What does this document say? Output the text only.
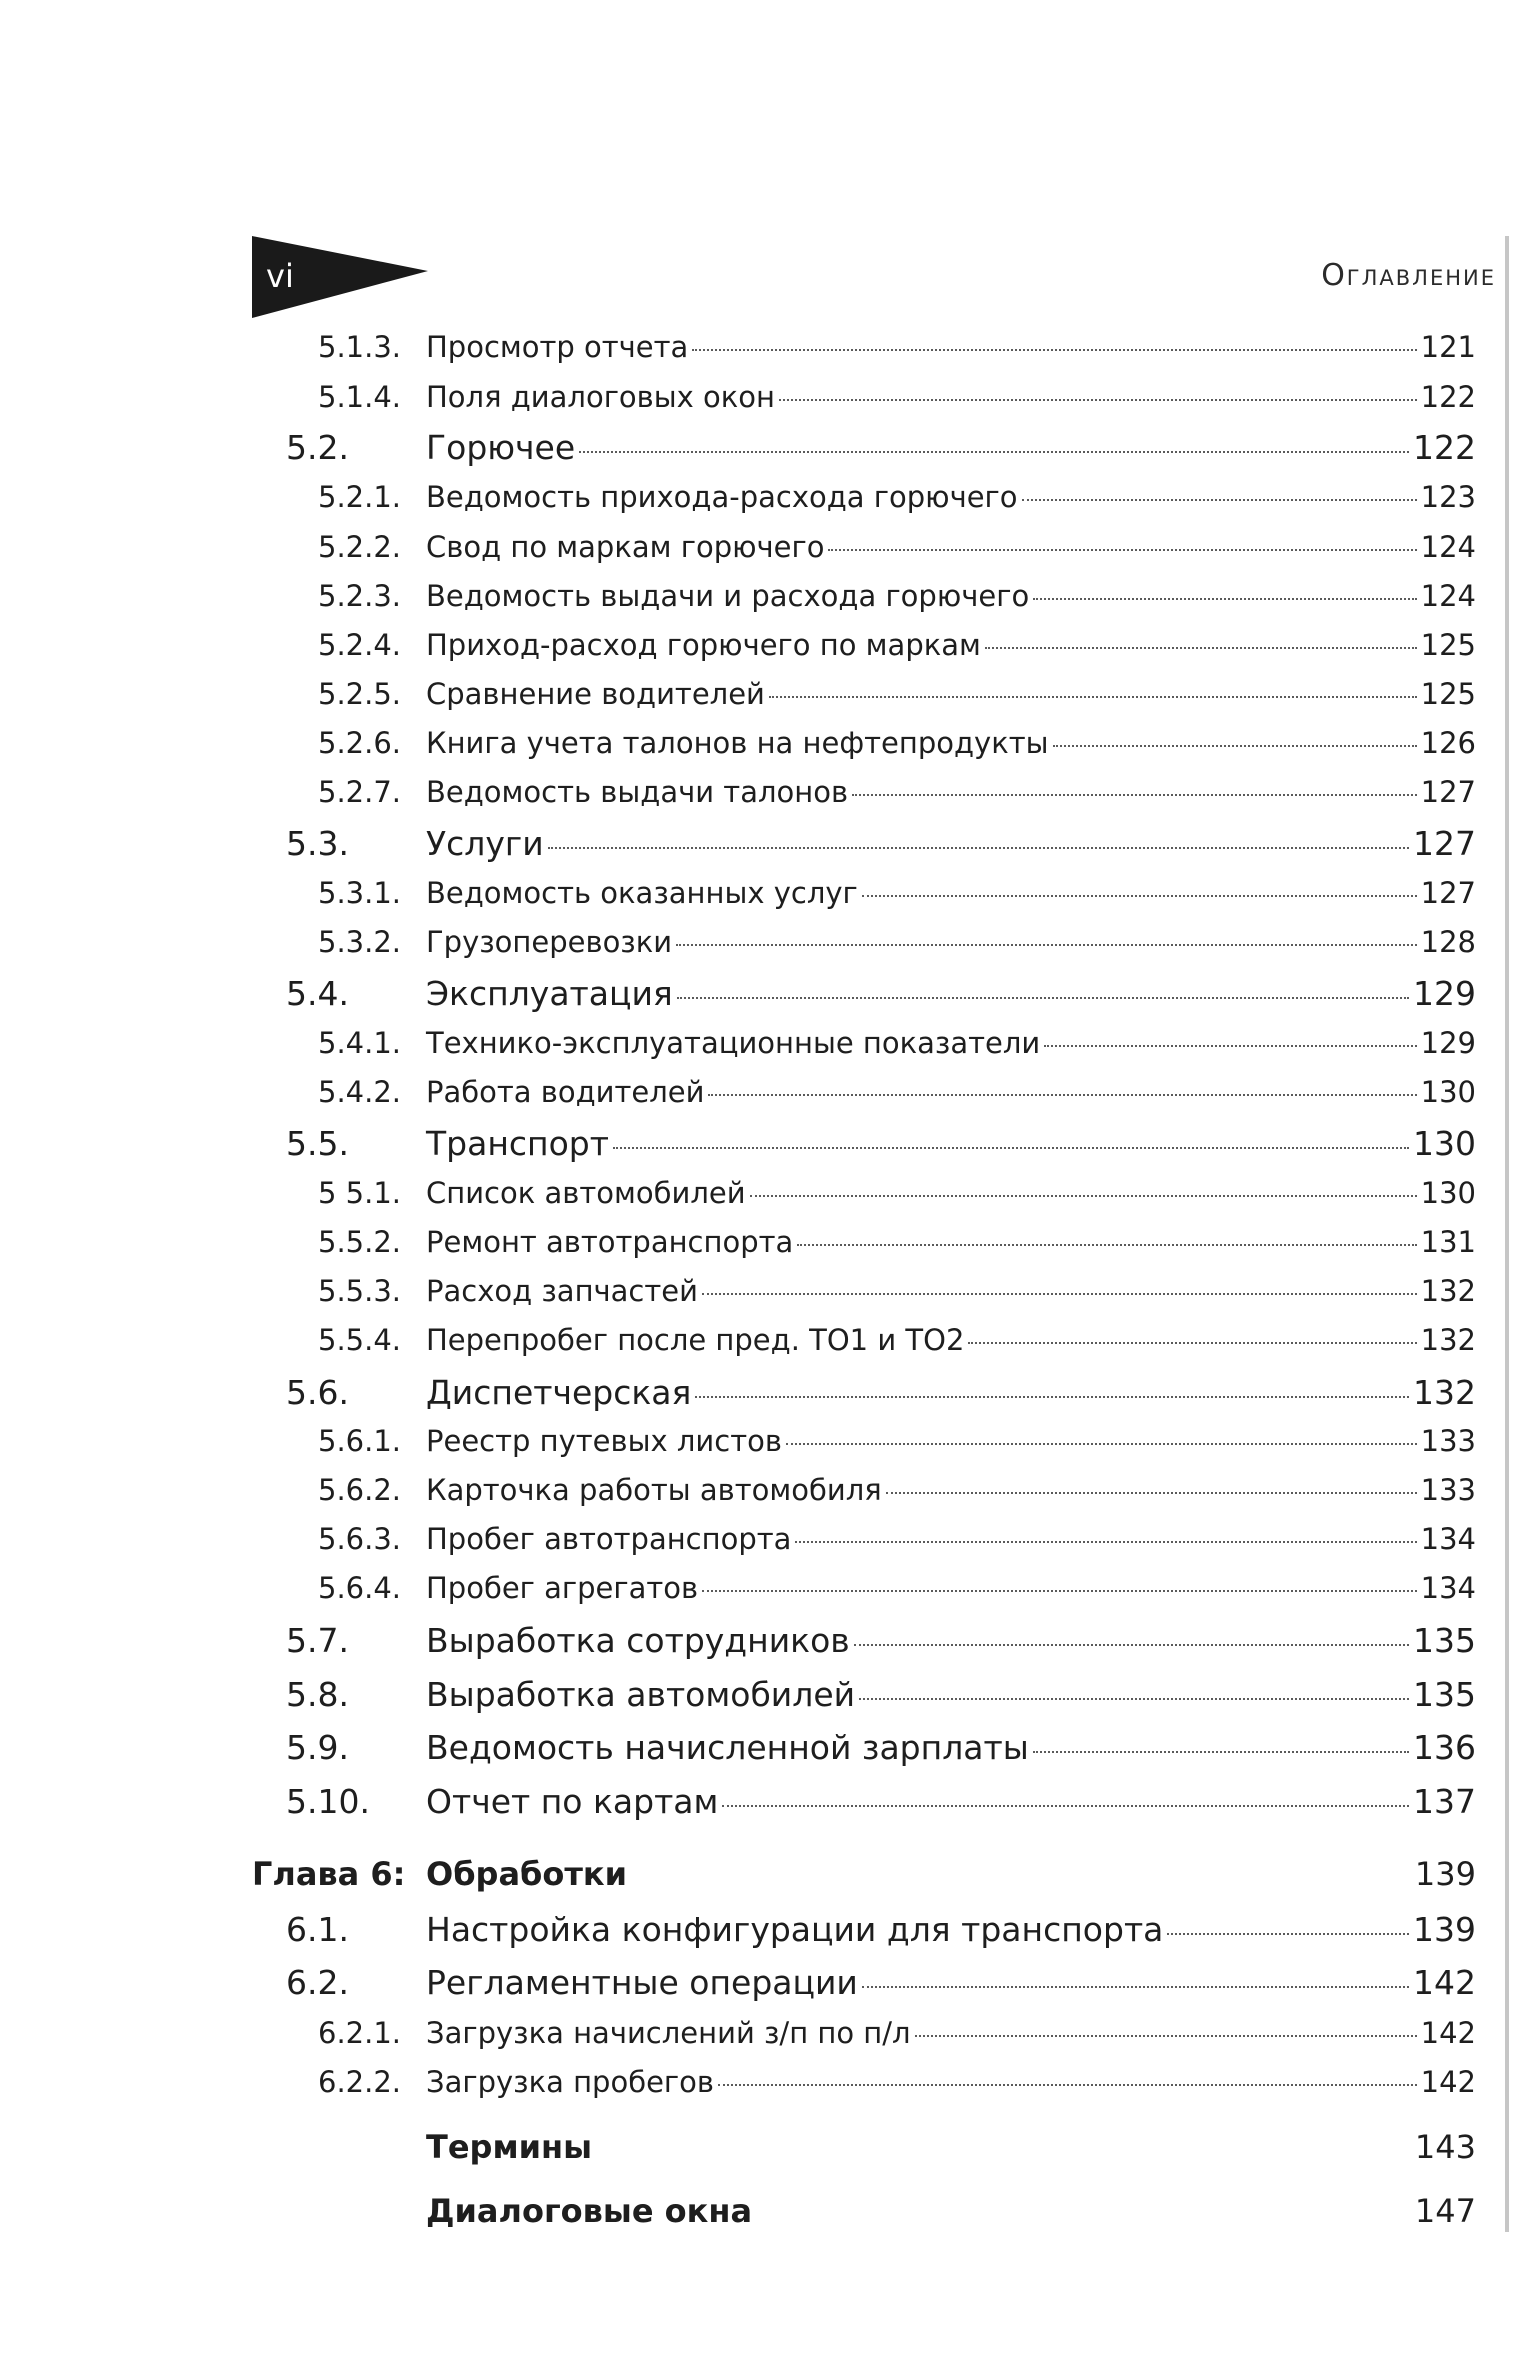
vi	Оглавление
5.1.3. Просмотр отчета	121
5.1.4. Поля диалоговых окон	122
5.2. Горючее	122
5.2.1. Ведомость прихода-расхода горючего	123
5.2.2. Свод по маркам горючего	124
5.2.3. Ведомость выдачи и расхода горючего	124
5.2.4. Приход-расход горючего по маркам	125
5.2.5. Сравнение водителей	125
5.2.6. Книга учета талонов на нефтепродукты	126
5.2.7. Ведомость выдачи талонов	127
5.3. Услуги	127
5.3.1. Ведомость оказанных услуг	127
5.3.2. Грузоперевозки	128
5.4. Эксплуатация	129
5.4.1. Технико-эксплуатационные показатели	129
5.4.2. Работа водителей	130
5.5. Транспорт	130
5 5.1. Список автомобилей	130
5.5.2. Ремонт автотранспорта	131
5.5.3. Расход запчастей	132
5.5.4. Перепробег после пред. ТО1 и ТО2	132
5.6. Диспетчерская	132
5.6.1. Реестр путевых листов	133
5.6.2. Карточка работы автомобиля	133
5.6.3. Пробег автотранспорта	134
5.6.4. Пробег агрегатов	134
5.7. Выработка сотрудников	135
5.8. Выработка автомобилей	135
5.9. Ведомость начисленной зарплаты	136
5.10. Отчет по картам	137
Глава 6: Обработки	139
6.1. Настройка конфигурации для транспорта	139
6.2. Регламентные операции	142
6.2.1. Загрузка начислений з/п по п/л	142
6.2.2. Загрузка пробегов	142
Термины	143
Диалоговые окна	147
